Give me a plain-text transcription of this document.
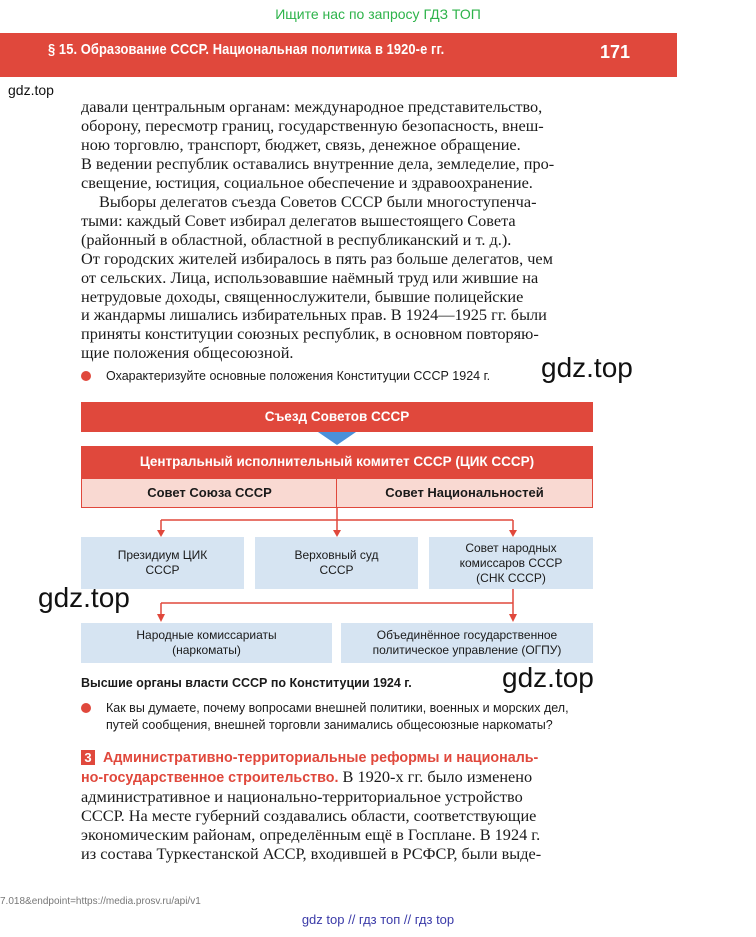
Ищите нас по запросу ГДЗ ТОП
§ 15. Образование СССР. Национальная политика в 1920-е гг.	171
gdz.top
давали центральным органам: международное представительство,
оборону, пересмотр границ, государственную безопасность, внеш-
ною торговлю, транспорт, бюджет, связь, денежное обращение.
В ведении республик оставались внутренние дела, земледелие, про-
свещение, юстиция, социальное обеспечение и здравоохранение.
Выборы делегатов съезда Советов СССР были многоступенча-
тыми: каждый Совет избирал делегатов вышестоящего Совета
(районный в областной, областной в республиканский и т. д.).
От городских жителей избиралось в пять раз больше делегатов, чем
от сельских. Лица, использовавшие наёмный труд или жившие на
нетрудовые доходы, священнослужители, бывшие полицейские
и жандармы лишались избирательных прав. В 1924—1925 гг. были
приняты конституции союзных республик, в основном повторяю-
щие положения общесоюзной.
Охарактеризуйте основные положения Конституции СССР 1924 г. gdz.top
Съезд Советов СССР
Центральный исполнительный комитет СССР (ЦИК СССР)
Совет Союза СССР	Совет Национальностей
Президиум ЦИК
СССР
Верховный суд
СССР
Совет народных
комиссаров СССР
(СНК СССР)
Народные комиссариаты
(наркоматы)
Объединённое государственное
политическое управление (ОГПУ)
gdz.top
Высшие органы власти СССР по Конституции 1924 г.	gdz.top
Как вы думаете, почему вопросами внешней политики, военных и морских дел,
путей сообщения, внешней торговли занимались общесоюзные наркоматы?
3 Административно-территориальные реформы и националь-
но-государственное строительство. В 1920-х гг. было изменено
административное и национально-территориальное устройство
СССР. На месте губерний создавались области, соответствующие
экономическим районам, определённым ещё в Госплане. В 1924 г.
из состава Туркестанской АССР, входившей в РСФСР, были выде-
7.018&endpoint=https://media.prosv.ru/api/v1
gdz top // гдз топ // гдз top
